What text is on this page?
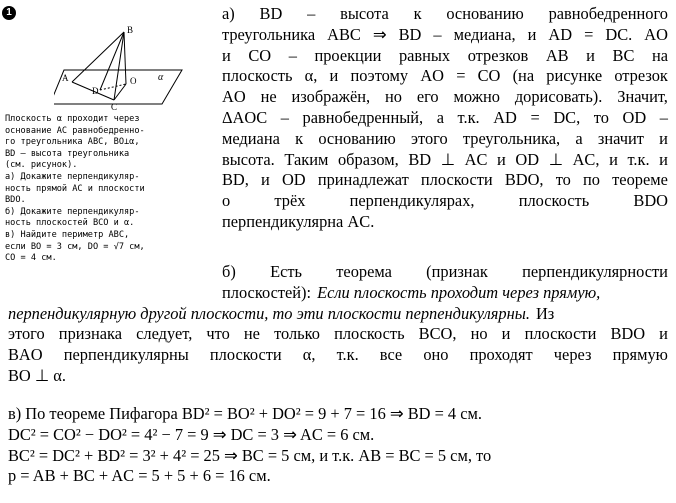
1
B
A
D
C
O α
Плоскость α проходит через
основание AC равнобедренно-
го треугольника ABC, BO⊥α,
BD — высота треугольника
(см. рисунок).
а) Докажите перпендикуляр-
ность прямой AC и плоскости
BDO.
б) Докажите перпендикуляр-
ность плоскостей BCO и α.
в) Найдите периметр ABC,
если BO = 3 см, DO = √7 см,
CO = 4 см.
а) BD – высота к основанию равнобедренного
треугольника ABC ⇒ BD – медиана, и AD = DC. AO
и CO – проекции равных отрезков AB и BC на
плоскость α, и поэтому AO = CO (на рисунке отрезок
AO не изображён, но его можно дорисовать). Значит,
ΔAOC – равнобедренный, а т.к. AD = DC, то OD –
медиана к основанию этого треугольника, а значит и
высота. Таким образом, BD ⊥ AC и OD ⊥ AC, и т.к. и
BD, и OD принадлежат плоскости BDO, то по теореме
о	трёх	перпендикулярах,	плоскость	BDO
перпендикулярна AC.
б) Есть теорема (признак перпендикулярности
плоскостей): Если плоскость проходит через прямую,
перпендикулярную другой плоскости, то эти плоскости перпендикулярны. Из
этого признака следует, что не только плоскость BCO, но и плоскости BDO и
BAO перпендикулярны плоскости α, т.к. все оно проходят через прямую
BO ⊥ α.
в) По теореме Пифагора BD² = BO² + DO² = 9 + 7 = 16 ⇒ BD = 4 см.
DC² = CO² − DO² = 4² − 7 = 9 ⇒ DC = 3 ⇒ AC = 6 см.
BC² = DC² + BD² = 3² + 4² = 25 ⇒ BC = 5 см, и т.к. AB = BC = 5 см, то
p = AB + BC + AC = 5 + 5 + 6 = 16 см.
